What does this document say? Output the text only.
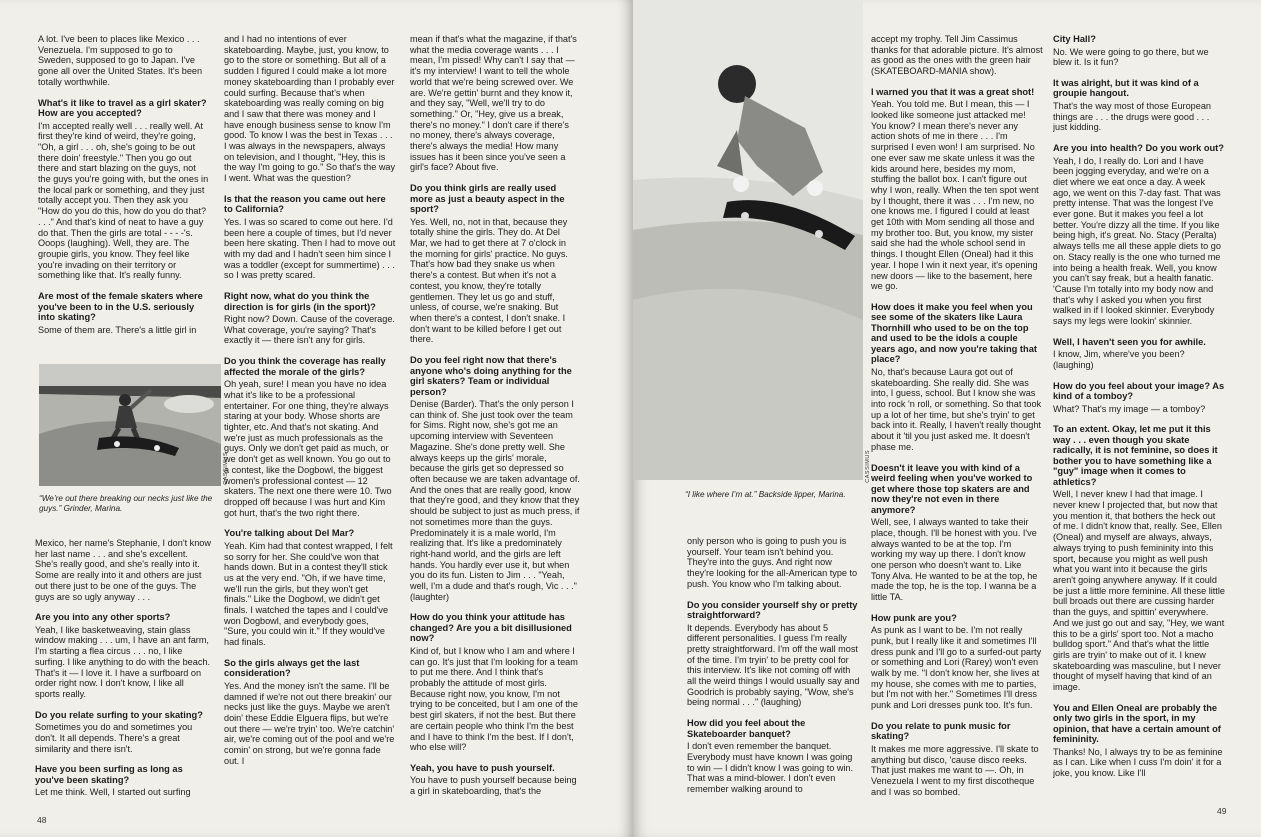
A lot. I've been to places like Mexico . . . Venezuela. I'm supposed to go to Sweden, supposed to go to Japan. I've gone all over the United States. It's been totally worthwhile.

What's it like to travel as a girl skater? How are you accepted?

I'm accepted really well . . . really well. At first they're kind of weird, they're going, "Oh, a girl . . . oh, she's going to be out there doin' freestyle." Then you go out there and start blazing on the guys, not the guys you're going with, but the ones in the local park or something, and they just totally accept you. Then they ask you "How do you do this, how do you do that? . . ." And that's kind of neat to have a guy do that. Then the girls are total - - - -'s. Ooops (laughing). Well, they are. The groupie girls, you know. They feel like you're invading on their territory or something like that. It's really funny.

Are most of the female skaters where you've been to in the U.S. seriously into skating?

Some of them are. There's a little girl in

CASSIMUS
“We’re out there breaking our necks just like the guys.” Grinder, Marina.

Mexico, her name's Stephanie, I don't know her last name . . . and she's excellent. She's really good, and she's really into it. Some are really into it and others are just out there just to be one of the guys. The guys are so ugly anyway . . .

Are you into any other sports?

Yeah, I like basketweaving, stain glass window making . . . um, I have an ant farm, I'm starting a flea circus . . . no, I like surfing. I like anything to do with the beach. That's it — I love it. I have a surfboard on order right now. I don't know, I like all sports really.

Do you relate surfing to your skating?

Sometimes you do and sometimes you don't. It all depends. There's a great similarity and there isn't.

Have you been surfing as long as you've been skating?

Let me think. Well, I started out surfing

and I had no intentions of ever skateboarding. Maybe, just, you know, to go to the store or something. But all of a sudden I figured I could make a lot more money skateboarding than I probably ever could surfing. Because that's when skateboarding was really coming on big and I saw that there was money and I have enough business sense to know I'm good. To know I was the best in Texas . . . I was always in the newspapers, always on television, and I thought, "Hey, this is the way I'm going to go." So that's the way I went. What was the question?

Is that the reason you came out here to California?

Yes. I was so scared to come out here. I'd been here a couple of times, but I'd never been here skating. Then I had to move out with my dad and I hadn't seen him since I was a toddler (except for summertime) . . . so I was pretty scared.

Right now, what do you think the direction is for girls (in the sport)?

Right now? Down. Cause of the coverage. What coverage, you're saying? That's exactly it — there isn't any for girls.

Do you think the coverage has really affected the morale of the girls?

Oh yeah, sure! I mean you have no idea what it's like to be a professional entertainer. For one thing, they're always staring at your body. Whose shorts are tighter, etc. And that's not skating. And we're just as much professionals as the guys. Only we don't get paid as much, or we don't get as well known. You go out to a contest, like the Dogbowl, the biggest women's professional contest — 12 skaters. The next one there were 10. Two dropped off because I was hurt and Kim got hurt, that's the two right there.

You're talking about Del Mar?

Yeah. Kim had that contest wrapped, I felt so sorry for her. She could've won that hands down. But in a contest they'll stick us at the very end. "Oh, if we have time, we'll run the girls, but they won't get finals." Like the Dogbowl, we didn't get finals. I watched the tapes and I could've won Dogbowl, and everybody goes, "Sure, you could win it." If they would've had finals.

So the girls always get the last consideration?

Yes. And the money isn't the same. I'll be damned if we're not out there breakin' our necks just like the guys. Maybe we aren't doin' these Eddie Elguera flips, but we're out there — we're tryin' too. We're catchin' air, we're coming out of the pool and we're comin' on strong, but we're gonna fade out. I

mean if that's what the magazine, if that's what the media coverage wants . . . I mean, I'm pissed! Why can't I say that — it's my interview! I want to tell the whole world that we're being screwed over. We are. We're gettin' burnt and they know it, and they say, "Well, we'll try to do something." Or, "Hey, give us a break, there's no money." I don't care if there's no money, there's always coverage, there's always the media! How many issues has it been since you've seen a girl's face? About five.

Do you think girls are really used more as just a beauty aspect in the sport?

Yes. Well, no, not in that, because they totally shine the girls. They do. At Del Mar, we had to get there at 7 o'clock in the morning for girls' practice. No guys. That's how bad they snake us when there's a contest. But when it's not a contest, you know, they're totally gentlemen. They let us go and stuff, unless, of course, we're snaking. But when there's a contest, I don't snake. I don't want to be killed before I get out there.

Do you feel right now that there's anyone who's doing anything for the girl skaters? Team or individual person?

Denise (Barder). That's the only person I can think of. She just took over the team for Sims. Right now, she's got me an upcoming interview with Seventeen Magazine. She's done pretty well. She always keeps up the girls' morale, because the girls get so depressed so often because we are taken advantage of. And the ones that are really good, know that they're good, and they know that they should be subject to just as much press, if not sometimes more than the guys. Predominately it is a male world, I'm realizing that. It's like a predominately right-hand world, and the girls are left hands. You hardly ever use it, but when you do its fun. Listen to Jim . . . "Yeah, well, I'm a dude and that's rough, Vic . . ." (laughter)

How do you think your attitude has changed? Are you a bit disillusioned now?

Kind of, but I know who I am and where I can go. It's just that I'm looking for a team to put me there. And I think that's probably the attitude of most girls. Because right now, you know, I'm not trying to be conceited, but I am one of the best girl skaters, if not the best. But there are certain people who think I'm the best and I have to think I'm the best. If I don't, who else will?

Yeah, you have to push yourself.

You have to push yourself because being a girl in skateboarding, that's the

48
CASSIMUS
“I like where I’m at.” Backside lipper, Marina.

only person who is going to push you is yourself. Your team isn't behind you. They're into the guys. And right now they're looking for the all-American type to push. You know who I'm talking about.

Do you consider yourself shy or pretty straightforward?

It depends. Everybody has about 5 different personalities. I guess I'm really pretty straightforward. I'm off the wall most of the time. I'm tryin' to be pretty cool for this interview. It's like not coming off with all the weird things I would usually say and Goodrich is probably saying, "Wow, she's being normal . . ." (laughing)

How did you feel about the Skateboarder banquet?

I don't even remember the banquet. Everybody must have known I was going to win — I didn't know I was going to win. That was a mind-blower. I don't even remember walking around to

accept my trophy. Tell Jim Cassimus thanks for that adorable picture. It's almost as good as the ones with the green hair (SKATEBOARD-MANIA show).

I warned you that it was a great shot!

Yeah. You told me. But I mean, this — I looked like someone just attacked me! You know? I mean there's never any action shots of me in there . . . I'm surprised I even won! I am surprised. No one ever saw me skate unless it was the kids around here, besides my mom, stuffing the ballot box. I can't figure out why I won, really. When the ten spot went by I thought, there it was . . . I'm new, no one knows me. I figured I could at least get 10th with Mom sending all those and my brother too. But, you know, my sister said she had the whole school send in things. I thought Ellen (Oneal) had it this year. I hope I win it next year, it's opening new doors — like to the basement, here we go.

How does it make you feel when you see some of the skaters like Laura Thornhill who used to be on the top and used to be the idols a couple years ago, and now you're taking that place?

No, that's because Laura got out of skateboarding. She really did. She was into, I guess, school. But I know she was into rock 'n roll, or something. So that took up a lot of her time, but she's tryin' to get back into it. Really, I haven't really thought about it 'til you just asked me. It doesn't phase me.

Doesn't it leave you with kind of a weird feeling when you've worked to get where those top skaters are and now they're not even in there anymore?

Well, see, I always wanted to take their place, though. I'll be honest with you. I've always wanted to be at the top. I'm working my way up there. I don't know one person who doesn't want to. Like Tony Alva. He wanted to be at the top, he made the top, he is the top. I wanna be a little TA.

How punk are you?

As punk as I want to be. I'm not really punk, but I really like it and sometimes I'll dress punk and I'll go to a surfed-out party or something and Lori (Rarey) won't even walk by me. "I don't know her, she lives at my house, she comes with me to parties, but I'm not with her." Sometimes I'll dress punk and Lori dresses punk too. It's fun.

Do you relate to punk music for skating?

It makes me more aggressive. I'll skate to anything but disco, 'cause disco reeks. That just makes me want to —. Oh, in Venezuela I went to my first discotheque and I was so bombed.

City Hall?

No. We were going to go there, but we blew it. Is it fun?

It was alright, but it was kind of a groupie hangout.

That's the way most of those European things are . . . the drugs were good . . . just kidding.

Are you into health? Do you work out?

Yeah, I do, I really do. Lori and I have been jogging everyday, and we're on a diet where we eat once a day. A week ago, we went on this 7-day fast. That was pretty intense. That was the longest I've ever gone. But it makes you feel a lot better. You're dizzy all the time. If you like being high, it's great. No. Stacy (Peralta) always tells me all these apple diets to go on. Stacy really is the one who turned me into being a health freak. Well, you know you can't say freak, but a health fanatic. 'Cause I'm totally into my body now and that's why I asked you when you first walked in if I looked skinnier. Everybody says my legs were lookin' skinnier.

Well, I haven't seen you for awhile.

I know, Jim, where've you been? (laughing)

How do you feel about your image? As kind of a tomboy?

What? That's my image — a tomboy?

To an extent. Okay, let me put it this way . . . even though you skate radically, it is not feminine, so does it bother you to have something like a "guy" image when it comes to athletics?

Well, I never knew I had that image. I never knew I projected that, but now that you mention it, that bothers the heck out of me. I didn't know that, really. See, Ellen (Oneal) and myself are always, always, always trying to push femininity into this sport, because you might as well push what you want into it because the girls aren't going anywhere anyway. If it could be just a little more feminine. All these little bull broads out there are cussing harder than the guys, and spittin' everywhere. And we just go out and say, "Hey, we want this to be a girls' sport too. Not a macho bulldog sport." And that's what the little girls are tryin' to make out of it. I knew skateboarding was masculine, but I never thought of myself having that kind of an image.

You and Ellen Oneal are probably the only two girls in the sport, in my opinion, that have a certain amount of femininity.

Thanks! No, I always try to be as feminine as I can. Like when I cuss I'm doin' it for a joke, you know. Like I'll

49
